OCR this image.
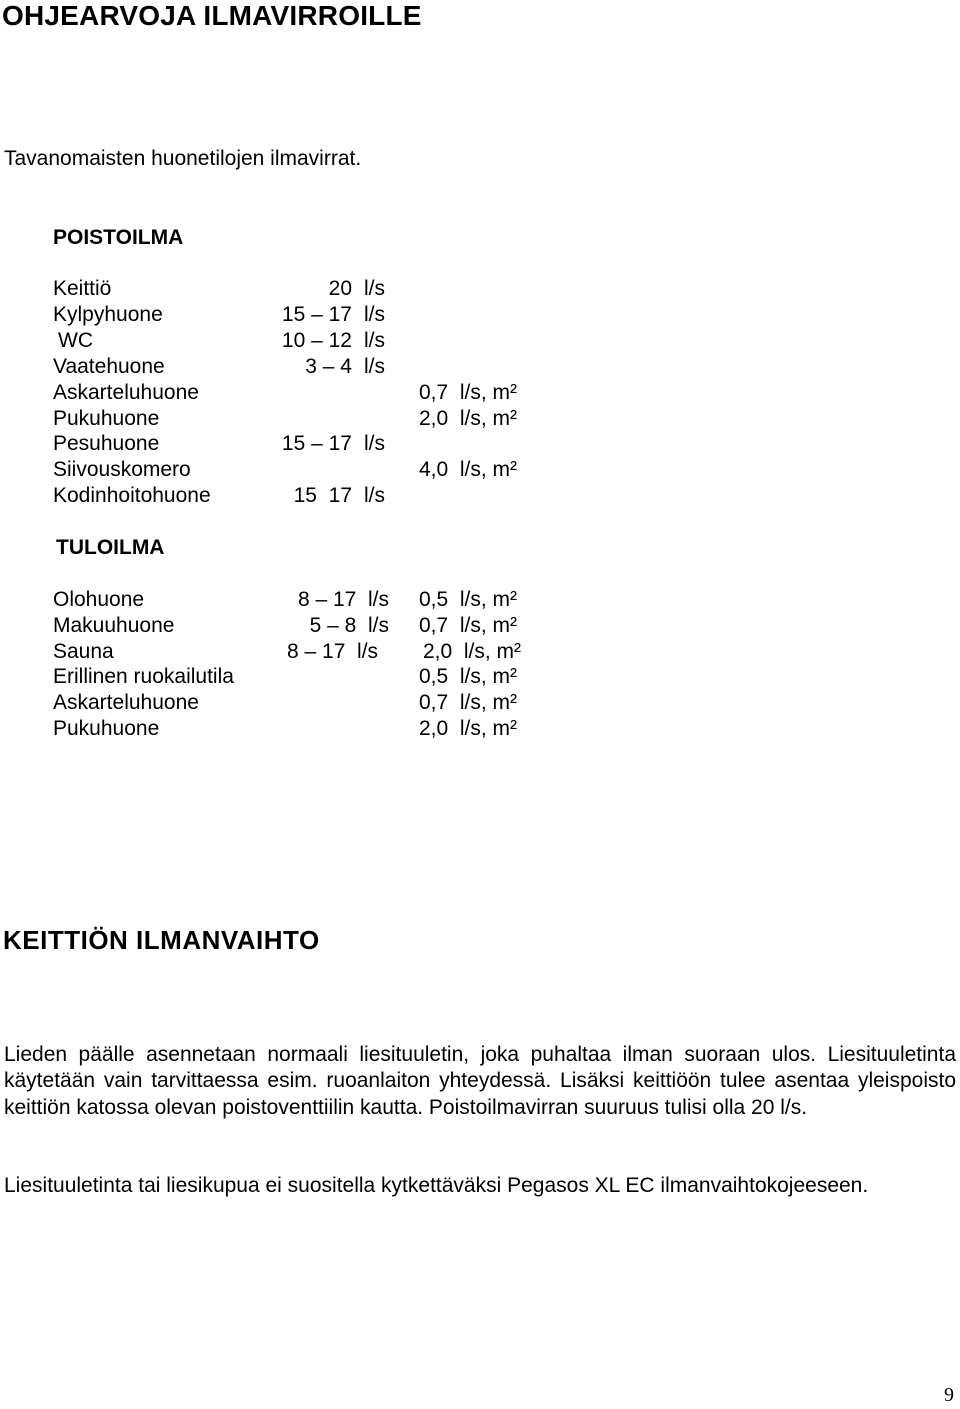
OHJEARVOJA ILMAVIRROILLE
Tavanomaisten huonetilojen ilmavirrat.
POISTOILMA
Keittiö	20 l/s
Kylpyhuone	15 – 17 l/s
WC	10 – 12 l/s
Vaatehuone	3 – 4 l/s
Askarteluhuone	0,7  l/s, m²
Pukuhuone	2,0  l/s, m²
Pesuhuone	15 – 17 l/s
Siivouskomero	4,0  l/s, m²
Kodinhoitohuone	15  17 l/s
TULOILMA
Olohuone	8 – 17  l/s 0,5  l/s, m²
Makuuhuone	5 – 8  l/s 0,7  l/s, m²
Sauna	8 – 17  l/s 2,0  l/s, m²
Erillinen ruokailutila	0,5  l/s, m²
Askarteluhuone	0,7  l/s, m²
Pukuhuone	2,0  l/s, m²
KEITTIÖN ILMANVAIHTO
Lieden päälle asennetaan normaali liesituuletin, joka puhaltaa ilman suoraan ulos. Liesituuletinta käytetään vain tarvittaessa esim. ruoanlaiton yhteydessä. Lisäksi keittiöön tulee asentaa yleispoisto keittiön katossa olevan poistoventtiilin kautta. Poistoilmavirran suuruus tulisi olla 20 l/s.
Liesituuletinta tai liesikupua ei suositella kytkettäväksi Pegasos XL EC ilmanvaihtokojeeseen.
9
